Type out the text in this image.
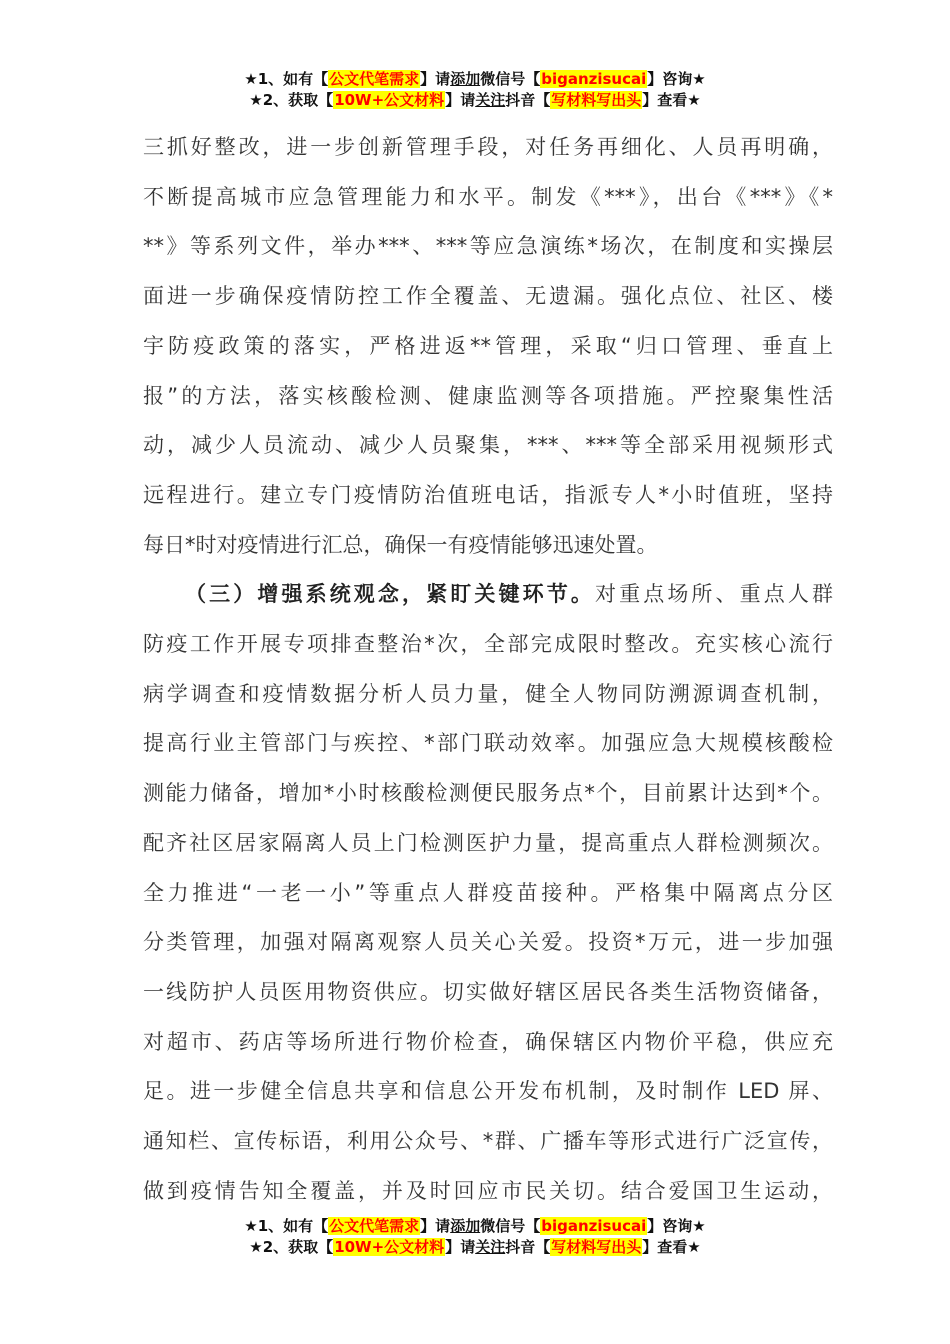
★1、如有【公文代笔需求】请添加微信号【biganzisucai】咨询★
★2、获取【10W+公文材料】请关注抖音【写材料写出头】查看★

三抓好整改，进一步创新管理手段，对任务再细化、人员再明确，
不断提高城市应急管理能力和水平。制发《***》，出台《***》《*
**》等系列文件，举办***、***等应急演练*场次，在制度和实操层
面进一步确保疫情防控工作全覆盖、无遗漏。强化点位、社区、楼
宇防疫政策的落实，严格进返**管理，采取“归口管理、垂直上
报”的方法，落实核酸检测、健康监测等各项措施。严控聚集性活
动，减少人员流动、减少人员聚集，***、***等全部采用视频形式
远程进行。建立专门疫情防治值班电话，指派专人*小时值班，坚持
每日*时对疫情进行汇总，确保一有疫情能够迅速处置。

（三）增强系统观念，紧盯关键环节。对重点场所、重点人群
防疫工作开展专项排查整治*次，全部完成限时整改。充实核心流行
病学调查和疫情数据分析人员力量，健全人物同防溯源调查机制，
提高行业主管部门与疾控、*部门联动效率。加强应急大规模核酸检
测能力储备，增加*小时核酸检测便民服务点*个，目前累计达到*个。
配齐社区居家隔离人员上门检测医护力量，提高重点人群检测频次。
全力推进“一老一小”等重点人群疫苗接种。严格集中隔离点分区
分类管理，加强对隔离观察人员关心关爱。投资*万元，进一步加强
一线防护人员医用物资供应。切实做好辖区居民各类生活物资储备，
对超市、药店等场所进行物价检查，确保辖区内物价平稳，供应充
足。进一步健全信息共享和信息公开发布机制，及时制作 LED 屏、
通知栏、宣传标语，利用公众号、*群、广播车等形式进行广泛宣传，
做到疫情告知全覆盖，并及时回应市民关切。结合爱国卫生运动，

★1、如有【公文代笔需求】请添加微信号【biganzisucai】咨询★
★2、获取【10W+公文材料】请关注抖音【写材料写出头】查看★
